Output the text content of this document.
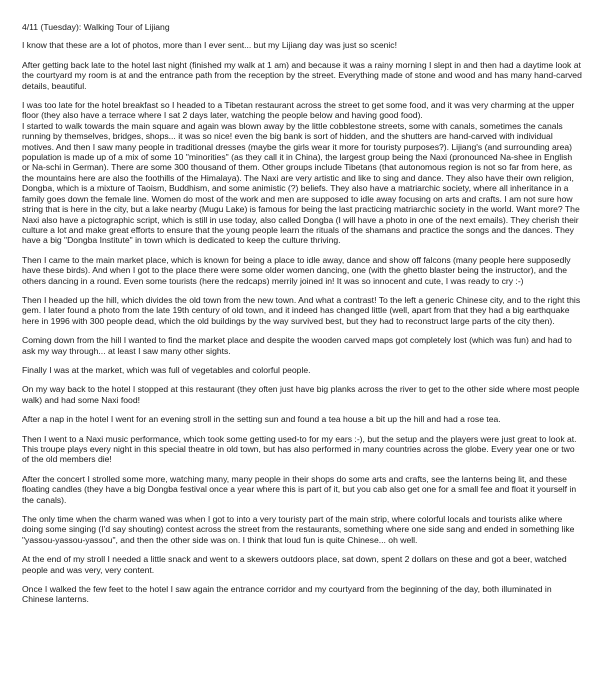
4/11 (Tuesday): Walking Tour of Lijiang

I know that these are a lot of photos, more than I ever sent... but my Lijiang day was just so scenic!

After getting back late to the hotel last night (finished my walk at 1 am) and because it was a rainy morning I slept in and then had a daytime look at the courtyard my room is at and the entrance path from the reception by the street. Everything made of stone and wood and has many hand-carved details, beautiful.

I was too late for the hotel breakfast so I headed to a Tibetan restaurant across the street to get some food, and it was very charming at the upper floor (they also have a terrace where I sat 2 days later, watching the people below and having good food).
I started to walk towards the main square and again was blown away by the little cobblestone streets, some with canals, sometimes the canals running by themselves, bridges, shops... it was so nice! even the big bank is sort of hidden, and the shutters are hand-carved with individual motives. And then I saw many people in traditional dresses (maybe the girls wear it more for touristy purposes?). Lijiang's (and surrounding area) population is made up of a mix of some 10 "minorities" (as they call it in China), the largest group being the Naxi (pronounced Na-shee in English or Na-schi in German). There are some 300 thousand of them. Other groups include Tibetans (that autonomous region is not so far from here, as the mountains here are also the foothills of the Himalaya). The Naxi are very artistic and like to sing and dance. They also have their own religion, Dongba, which is a mixture of Taoism, Buddhism, and some animistic (?) beliefs. They also have a matriarchic society, where all inheritance in a family goes down the female line. Women do most of the work and men are supposed to idle away focusing on arts and crafts. I am not sure how string that is here in the city, but a lake nearby (Mugu Lake) is famous for being the last practicing matriarchic society in the world. Want more? The Naxi also have a pictographic script, which is still in use today, also called Dongba (I will have a photo in one of the next emails). They cherish their culture a lot and make great efforts to ensure that the young people learn the rituals of the shamans and practice the songs and the dances. They have a big "Dongba Institute" in town which is dedicated to keep the culture thriving.

Then I came to the main market place, which is known for being a place to idle away, dance and show off falcons (many people here supposedly have these birds). And when I got to the place there were some older women dancing, one (with the ghetto blaster being the instructor), and the others dancing in a round. Even some tourists (here the redcaps) merrily joined in! It was so innocent and cute, I was ready to cry :-)

Then I headed up the hill, which divides the old town from the new town. And what a contrast! To the left a generic Chinese city, and to the right this gem. I later found a photo from the late 19th century of old town, and it indeed has changed little (well, apart from that they had a big earthquake here in 1996 with 300 people dead, which the old buildings by the way survived best, but they had to reconstruct large parts of the city then).

Coming down from the hill I wanted to find the market place and despite the wooden carved maps got completely lost (which was fun) and had to ask my way through... at least I saw many other sights.

Finally I was at the market, which was full of vegetables and colorful people.

On my way back to the hotel I stopped at this restaurant (they often just have big planks across the river to get to the other side where most people walk) and had some Naxi food!

After a nap in the hotel I went for an evening stroll in the setting sun and found a tea house a bit up the hill and had a rose tea.

Then I went to a Naxi music performance, which took some getting used-to for my ears :-), but the setup and the players were just great to look at. This troupe plays every night in this special theatre in old town, but has also performed in many countries across the globe. Every year one or two of the old members die!

After the concert I strolled some more, watching many, many people in their shops do some arts and crafts, see the lanterns being lit, and these floating candles (they have a big Dongba festival once a year where this is part of it, but you cab also get one for a small fee and float it yourself in the canals).

The only time when the charm waned was when I got to into a very touristy part of the main strip, where colorful locals and tourists alike where doing some singing (I'd say shouting) contest across the street from the restaurants, something where one side sang and ended in something like "yassou-yassou-yassou", and then the other side was on. I think that loud fun is quite Chinese... oh well.

At the end of my stroll I needed a little snack and went to a skewers outdoors place, sat down, spent 2 dollars on these and got a beer, watched people and was very, very content.

Once I walked the few feet to the hotel I saw again the entrance corridor and my courtyard from the beginning of the day, both illuminated in Chinese lanterns.
